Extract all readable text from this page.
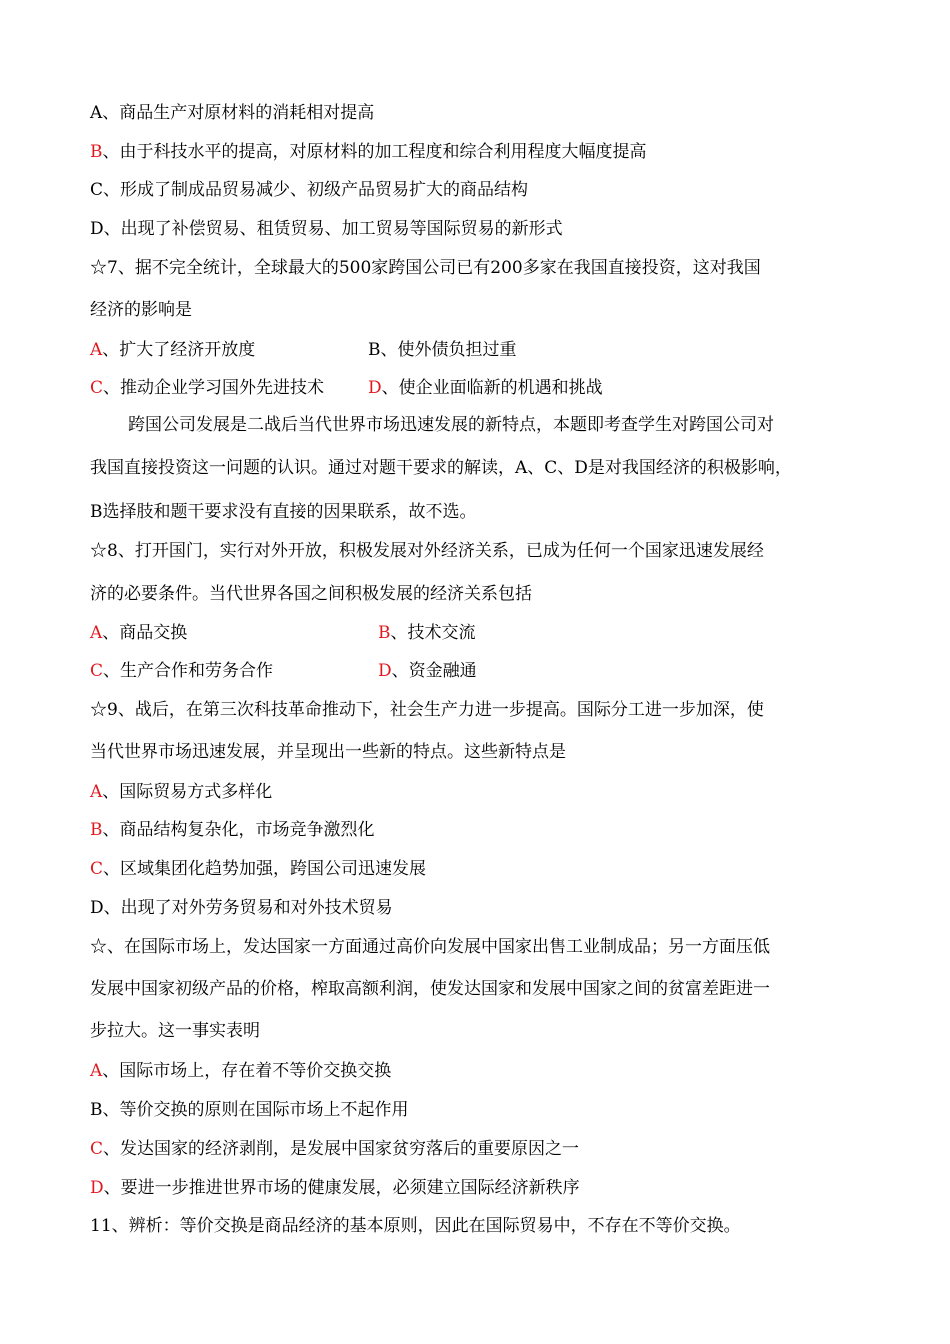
A、商品生产对原材料的消耗相对提高
B、由于科技水平的提高，对原材料的加工程度和综合利用程度大幅度提高
C、形成了制成品贸易减少、初级产品贸易扩大的商品结构
D、出现了补偿贸易、租赁贸易、加工贸易等国际贸易的新形式
☆7、据不完全统计，全球最大的500家跨国公司已有200多家在我国直接投资，这对我国
经济的影响是
A、扩大了经济开放度	B、使外债负担过重
C、推动企业学习国外先进技术	D、使企业面临新的机遇和挑战
跨国公司发展是二战后当代世界市场迅速发展的新特点，本题即考查学生对跨国公司对
我国直接投资这一问题的认识。通过对题干要求的解读，A、C、D是对我国经济的积极影响，
B选择肢和题干要求没有直接的因果联系，故不选。
☆8、打开国门，实行对外开放，积极发展对外经济关系，已成为任何一个国家迅速发展经
济的必要条件。当代世界各国之间积极发展的经济关系包括
A、商品交换	B、技术交流
C、生产合作和劳务合作	D、资金融通
☆9、战后，在第三次科技革命推动下，社会生产力进一步提高。国际分工进一步加深，使
当代世界市场迅速发展，并呈现出一些新的特点。这些新特点是
A、国际贸易方式多样化
B、商品结构复杂化，市场竞争激烈化
C、区域集团化趋势加强，跨国公司迅速发展
D、出现了对外劳务贸易和对外技术贸易
☆、在国际市场上，发达国家一方面通过高价向发展中国家出售工业制成品；另一方面压低
发展中国家初级产品的价格，榨取高额利润，使发达国家和发展中国家之间的贫富差距进一
步拉大。这一事实表明
A、国际市场上，存在着不等价交换交换
B、等价交换的原则在国际市场上不起作用
C、发达国家的经济剥削，是发展中国家贫穷落后的重要原因之一
D、要进一步推进世界市场的健康发展，必须建立国际经济新秩序
11、辨析：等价交换是商品经济的基本原则，因此在国际贸易中，不存在不等价交换。
